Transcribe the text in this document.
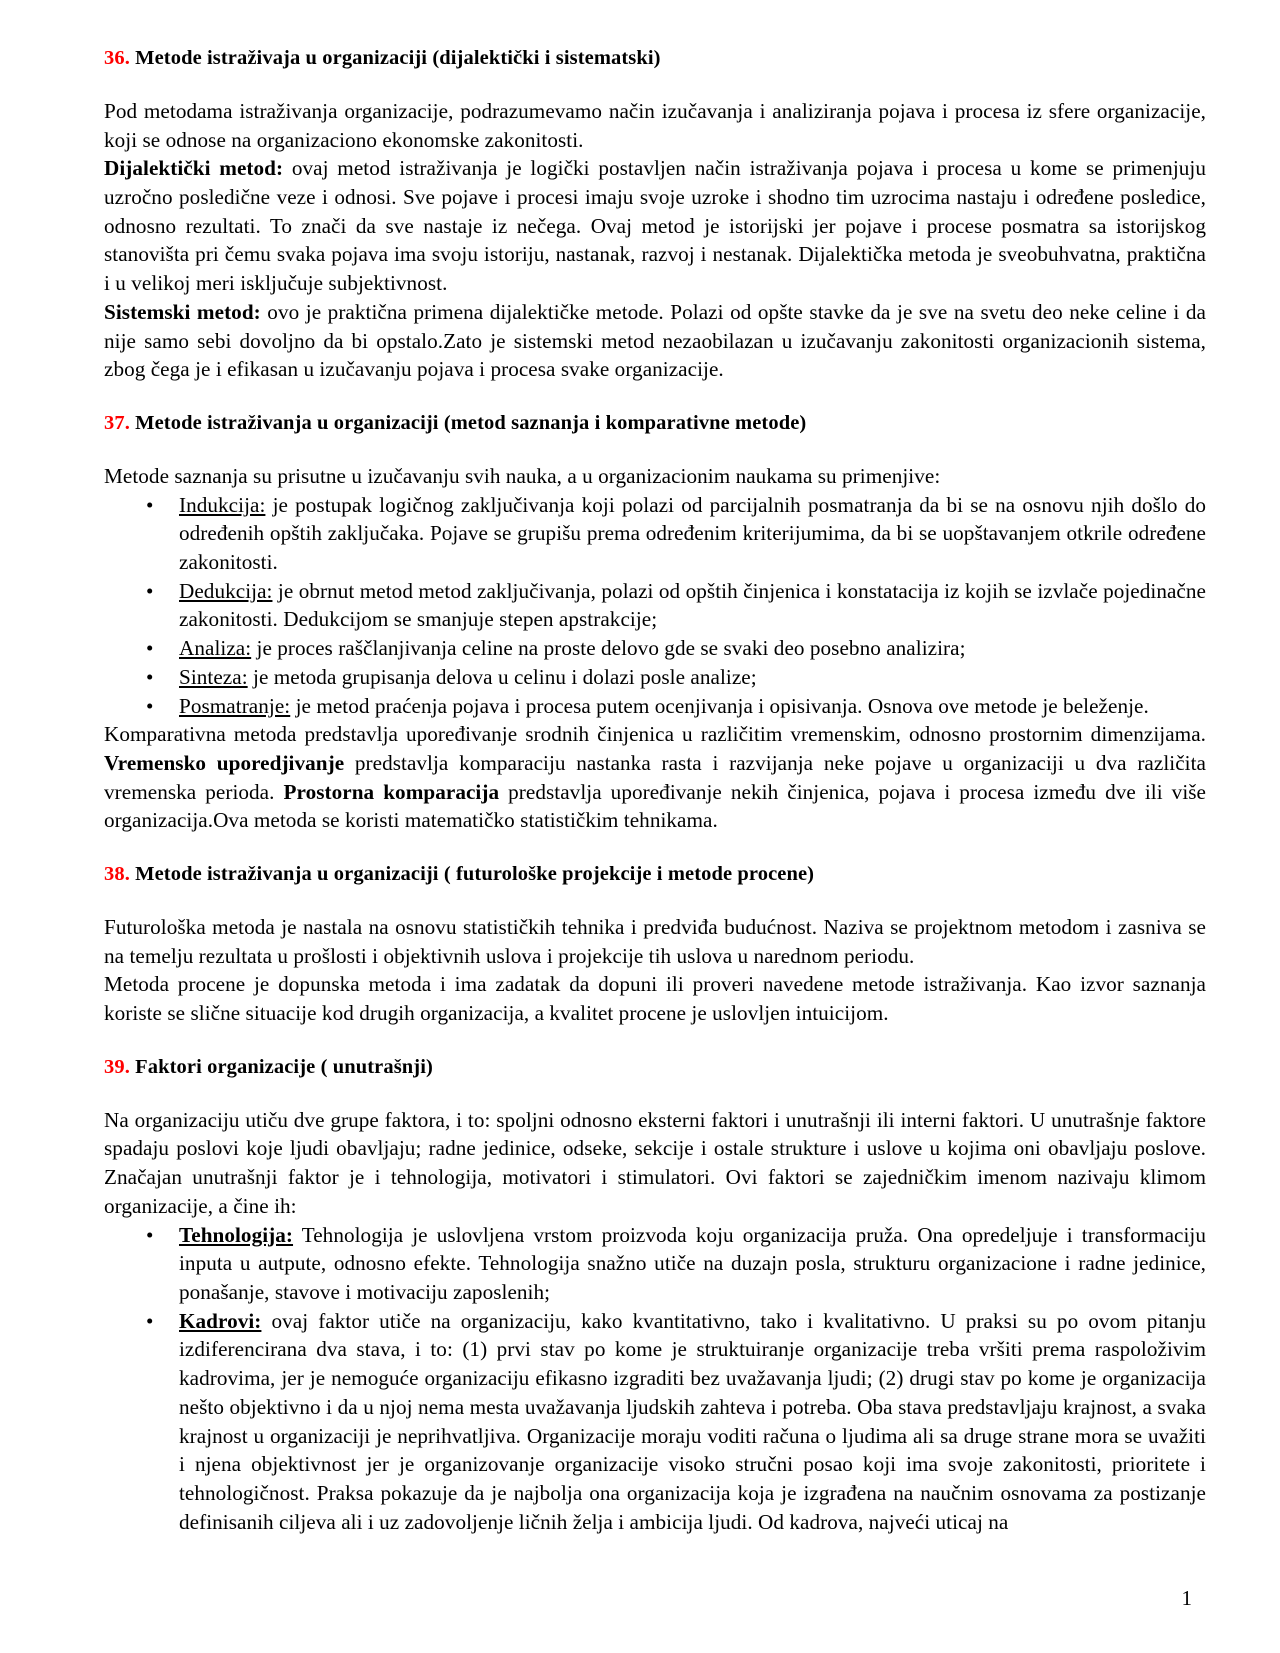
36. Metode istraživaja u organizaciji (dijalektički i sistematski)

Pod metodama istraživanja organizacije, podrazumevamo način izučavanja i analiziranja pojava i procesa iz sfere organizacije, koji se odnose na organizaciono ekonomske zakonitosti.

Dijalektički metod: ovaj metod istraživanja je logički postavljen način istraživanja pojava i procesa u kome se primenjuju uzročno posledične veze i odnosi. Sve pojave i procesi imaju svoje uzroke i shodno tim uzrocima nastaju i određene posledice, odnosno rezultati. To znači da sve nastaje iz nečega. Ovaj metod je istorijski jer pojave i procese posmatra sa istorijskog stanovišta pri čemu svaka pojava ima svoju istoriju, nastanak, razvoj i nestanak. Dijalektička metoda je sveobuhvatna, praktična i u velikoj meri isključuje subjektivnost.

Sistemski metod: ovo je praktična primena dijalektičke metode. Polazi od opšte stavke da je sve na svetu deo neke celine i da nije samo sebi dovoljno da bi opstalo.Zato je sistemski metod nezaobilazan u izučavanju zakonitosti organizacionih sistema, zbog čega je i efikasan u izučavanju pojava i procesa svake organizacije.

37. Metode istraživanja u organizaciji (metod saznanja i komparativne metode)

Metode saznanja su prisutne u izučavanju svih nauka, a u organizacionim naukama su primenjive:

• Indukcija: je postupak logičnog zaključivanja koji polazi od parcijalnih posmatranja da bi se na osnovu njih došlo do određenih opštih zaključaka. Pojave se grupišu prema određenim kriterijumima, da bi se uopštavanjem otkrile određene zakonitosti.
• Dedukcija: je obrnut metod metod zaključivanja, polazi od opštih činjenica i konstatacija iz kojih se izvlače pojedinačne zakonitosti. Dedukcijom se smanjuje stepen apstrakcije;
• Analiza: je proces raščlanjivanja celine na proste delovo gde se svaki deo posebno analizira;
• Sinteza: je metoda grupisanja delova u celinu i dolazi posle analize;
• Posmatranje: je metod praćenja pojava i procesa putem ocenjivanja i opisivanja. Osnova ove metode je beleženje.

Komparativna metoda predstavlja upoređivanje srodnih činjenica u različitim vremenskim, odnosno prostornim dimenzijama. Vremensko uporedjivanje predstavlja komparaciju nastanka rasta i razvijanja neke pojave u organizaciji u dva različita vremenska perioda. Prostorna komparacija predstavlja upoređivanje nekih činjenica, pojava i procesa između dve ili više organizacija.Ova metoda se koristi matematičko statističkim tehnikama.

38. Metode istraživanja u organizaciji ( futurološke projekcije i metode procene)

Futurološka metoda je nastala na osnovu statističkih tehnika i predviđa budućnost. Naziva se projektnom metodom i zasniva se na temelju rezultata u prošlosti i objektivnih uslova i projekcije tih uslova u narednom periodu.

Metoda procene je dopunska metoda i ima zadatak da dopuni ili proveri navedene metode istraživanja. Kao izvor saznanja koriste se slične situacije kod drugih organizacija, a kvalitet procene je uslovljen intuicijom.

39. Faktori organizacije ( unutrašnji)

Na organizaciju utiču dve grupe faktora, i to: spoljni odnosno eksterni faktori i unutrašnji ili interni faktori. U unutrašnje faktore spadaju poslovi koje ljudi obavljaju; radne jedinice, odseke, sekcije i ostale strukture i uslove u kojima oni obavljaju poslove. Značajan unutrašnji faktor je i tehnologija, motivatori i stimulatori. Ovi faktori se zajedničkim imenom nazivaju klimom organizacije, a čine ih:

• Tehnologija: Tehnologija je uslovljena vrstom proizvoda koju organizacija pruža. Ona opredeljuje i transformaciju inputa u autpute, odnosno efekte. Tehnologija snažno utiče na duzajn posla, strukturu organizacione i radne jedinice, ponašanje, stavove i motivaciju zaposlenih;
• Kadrovi: ovaj faktor utiče na organizaciju, kako kvantitativno, tako i kvalitativno. U praksi su po ovom pitanju izdiferencirana dva stava, i to: (1) prvi stav po kome je struktuiranje organizacije treba vršiti prema raspoloživim kadrovima, jer je nemoguće organizaciju efikasno izgraditi bez uvažavanja ljudi; (2) drugi stav po kome je organizacija nešto objektivno i da u njoj nema mesta uvažavanja ljudskih zahteva i potreba. Oba stava predstavljaju krajnost, a svaka krajnost u organizaciji je neprihvatljiva. Organizacije moraju voditi računa o ljudima ali sa druge strane mora se uvažiti i njena objektivnost jer je organizovanje organizacije visoko stručni posao koji ima svoje zakonitosti, prioritete i tehnologičnost. Praksa pokazuje da je najbolja ona organizacija koja je izgrađena na naučnim osnovama za postizanje definisanih ciljeva ali i uz zadovoljenje ličnih želja i ambicija ljudi. Od kadrova, najveći uticaj na
1
